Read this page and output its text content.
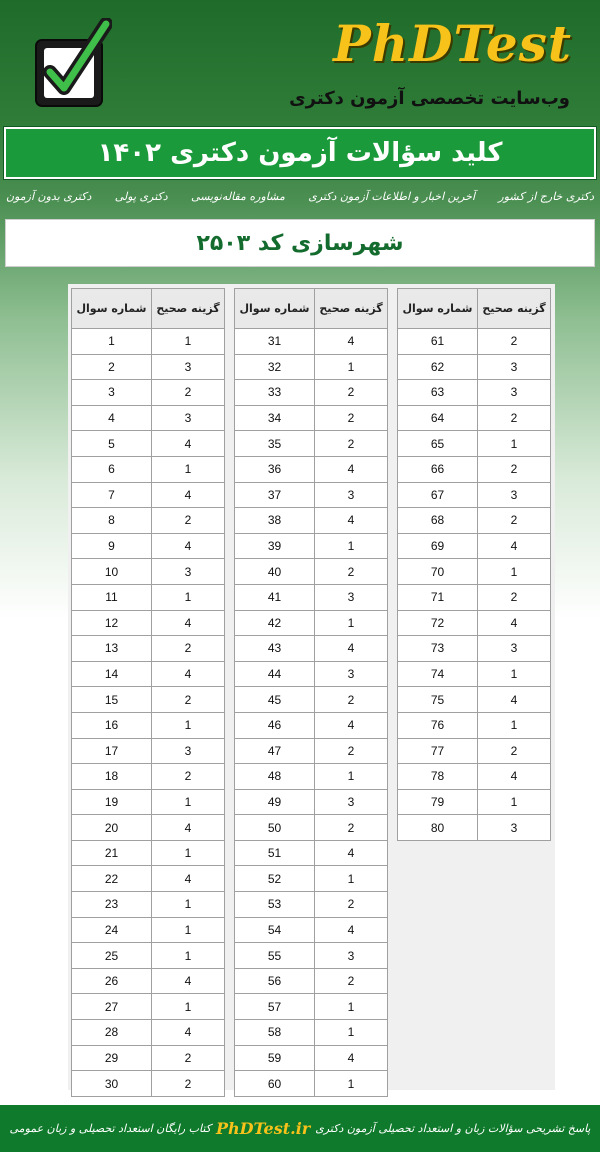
PhDTest
وب‌سایت تخصصی آزمون دکتری
کلید سؤالات آزمون دکتری ۱۴۰۲
دکتری بدون آزمون دکتری پولی مشاوره مقاله‌نویسی آخرین اخبار و اطلاعات آزمون دکتری دکتری خارج از کشور
شهرسازی کد ۲۵۰۳
شماره سوال	گزینه صحیح
1	1
2	3
3	2
4	3
5	4
6	1
7	4
8	2
9	4
10	3
11	1
12	4
13	2
14	4
15	2
16	1
17	3
18	2
19	1
20	4
21	1
22	4
23	1
24	1
25	1
26	4
27	1
28	4
29	2
30	2
شماره سوال	گزینه صحیح
31	4
32	1
33	2
34	2
35	2
36	4
37	3
38	4
39	1
40	2
41	3
42	1
43	4
44	3
45	2
46	4
47	2
48	1
49	3
50	2
51	4
52	1
53	2
54	4
55	3
56	2
57	1
58	1
59	4
60	1
شماره سوال	گزینه صحیح
61	2
62	3
63	3
64	2
65	1
66	2
67	3
68	2
69	4
70	1
71	2
72	4
73	3
74	1
75	4
76	1
77	2
78	4
79	1
80	3
پاسخ تشریحی سؤالات زبان و استعداد تحصیلی آزمون دکتری
PhDTest.ir
کتاب رایگان استعداد تحصیلی و زبان عمومی
